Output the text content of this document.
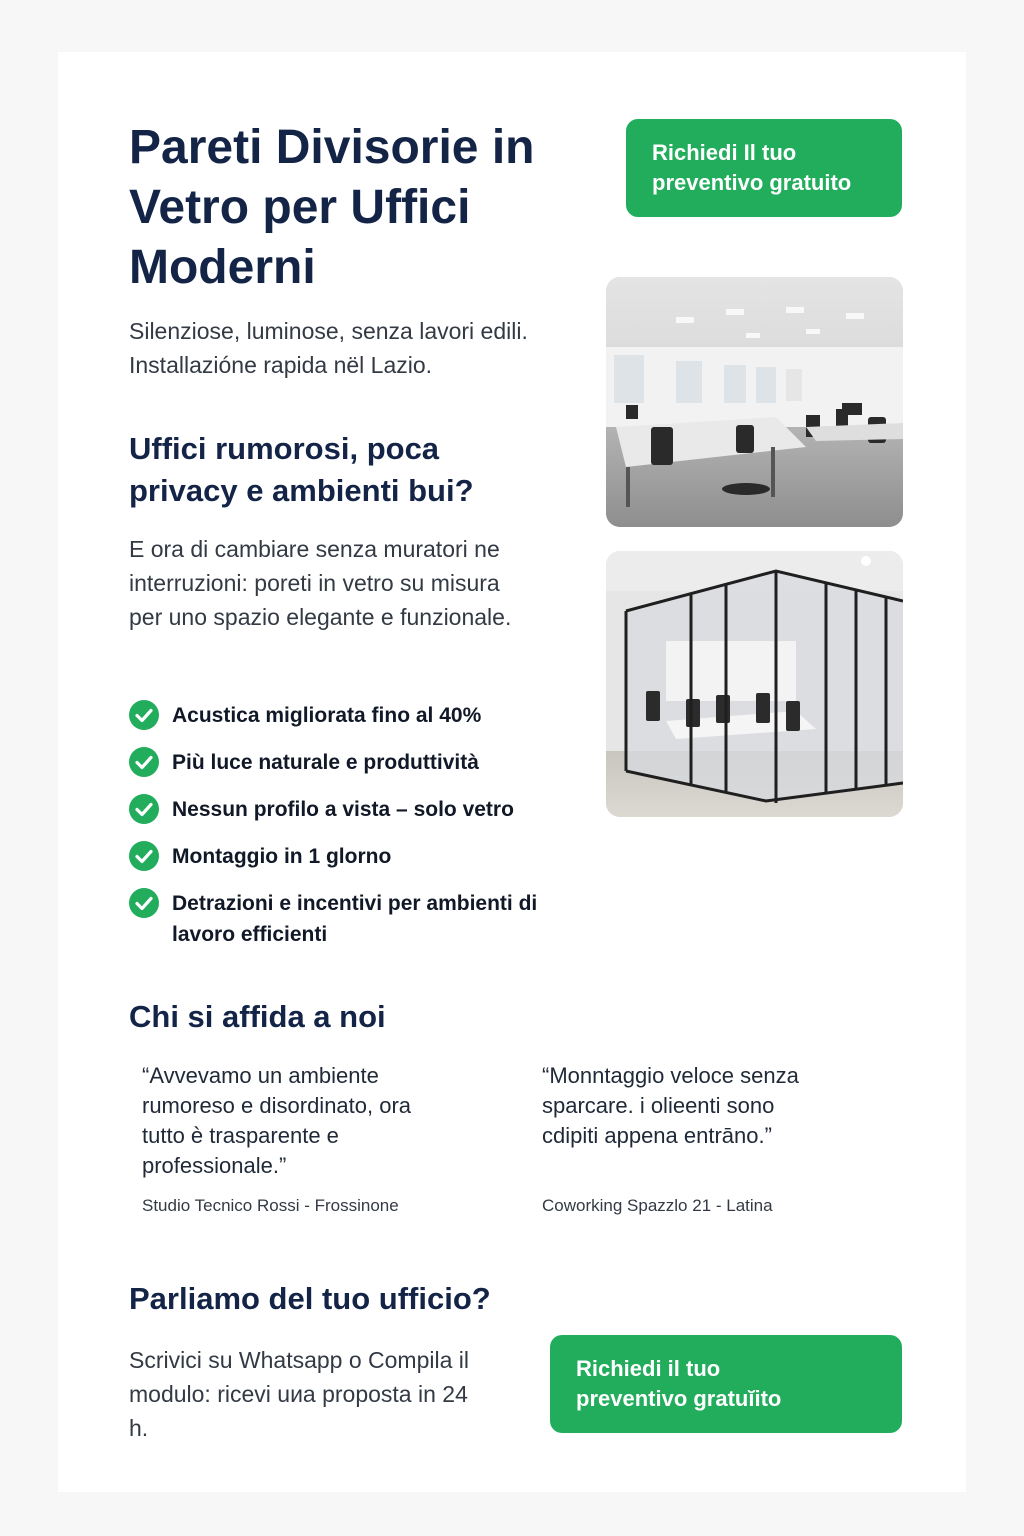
Pareti Divisorie in Vetro per Uffici Moderni

Silenziose, luminose, senza lavori edili. Installazióne rapida nël Lazio.

Richiedi Il tuo
preventivo gratuito
Uffici rumorosi, poca privacy e ambienti bui?

E ora di cambiare senza muratori ne interruzioni: poreti in vetro su misura per uno spazio elegante e funzionale.

Acustica migliorata fino al 40%
Più luce naturale e produttività
Nessun profilo a vista – solo vetro
Montaggio in 1 glorno
Detrazioni e incentivi per ambienti di lavoro efficienti
Chi si affida a noi

“Avvevamo un ambiente rumoreso e disordinato, ora tutto è trasparente e professionale.”

Studio Tecnico Rossi - Frossinone

“Monntaggio veloce senza sparcare. i olieenti sono cdipiti appena entrāno.”

Coworking Spazzlo 21 - Latina

Parliamo del tuo ufficio?

Scrivici su Whatsapp o Compila il modulo: ricevi uиa proposta in 24 h.

Richiedi il tuo
preventivo gratuĭito
